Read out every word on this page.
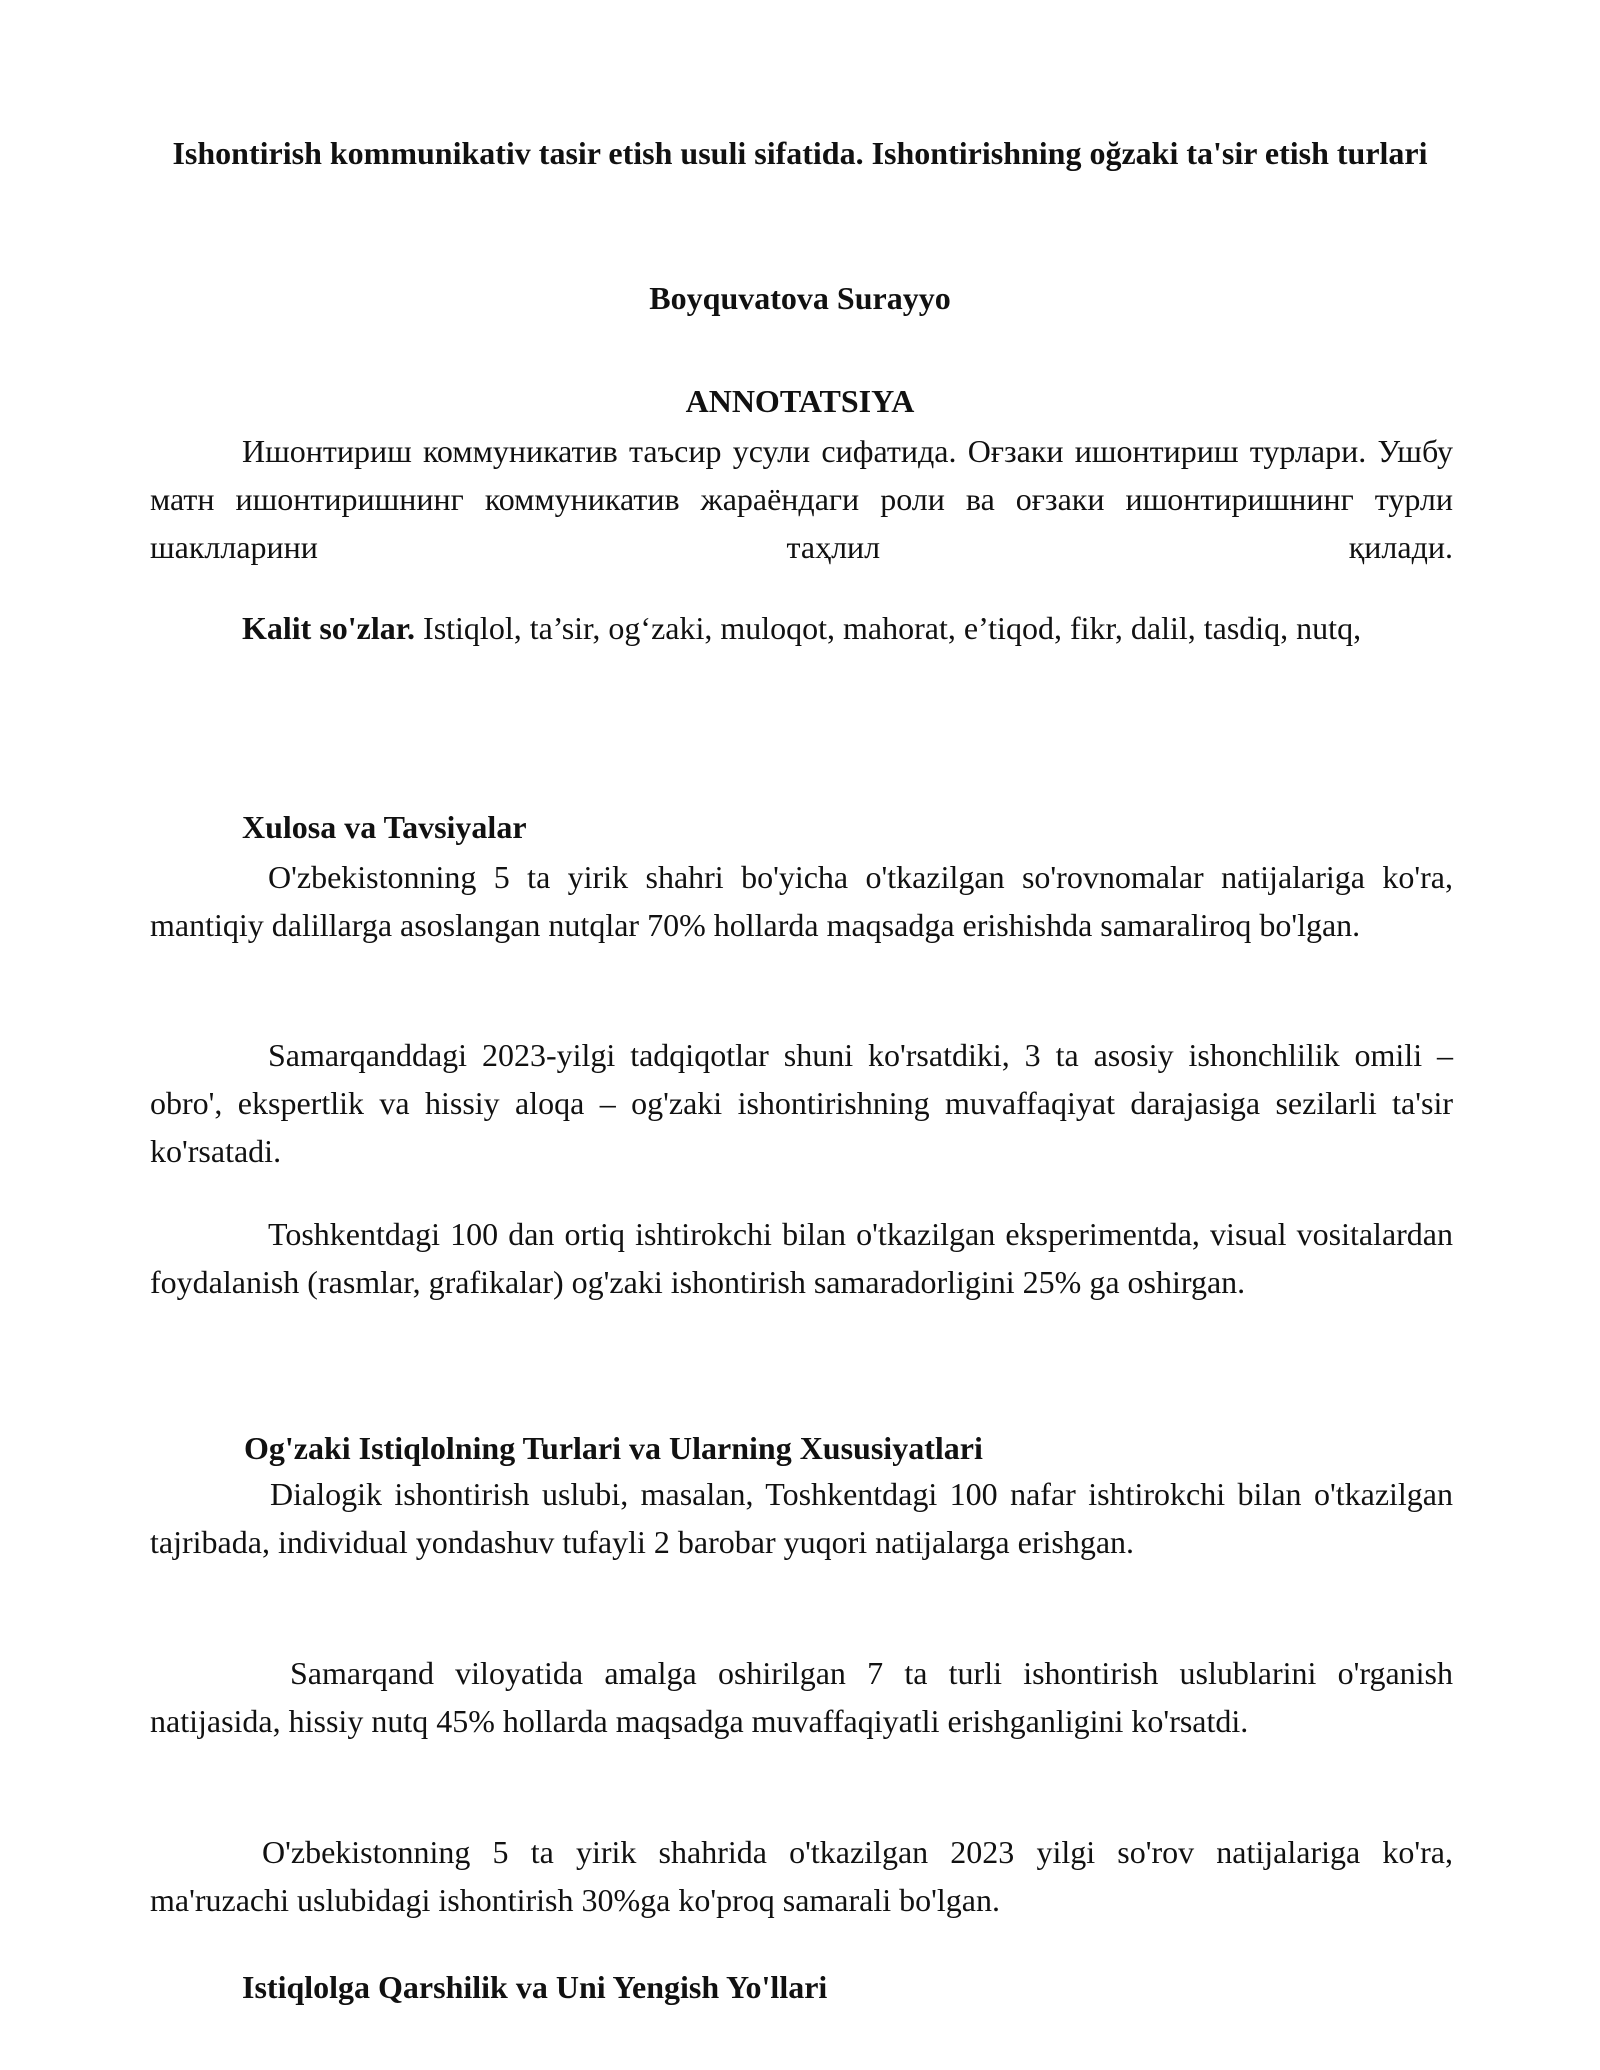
Ishontirish kommunikativ tasir etish usuli sifatida. Ishontirishning oğzaki ta'sir etish turlari
Boyquvatova Surayyo
ANNOTATSIYA

Ишонтириш коммуникатив таъсир усули сифатида. Оғзаки ишонтириш турлари. Ушбу матн ишонтиришнинг коммуникатив жараёндаги роли ва оғзаки ишонтиришнинг турли шаклларини таҳлил қилади.

Kalit so'zlar. Istiqlol, ta’sir, og‘zaki, muloqot, mahorat, e’tiqod, fikr, dalil, tasdiq, nutq,

Xulosa va Tavsiyalar

O'zbekistonning 5 ta yirik shahri bo'yicha o'tkazilgan so'rovnomalar natijalariga ko'ra, mantiqiy dalillarga asoslangan nutqlar 70% hollarda maqsadga erishishda samaraliroq bo'lgan.

Samarqanddagi 2023-yilgi tadqiqotlar shuni ko'rsatdiki, 3 ta asosiy ishonchlilik omili – obro', ekspertlik va hissiy aloqa – og'zaki ishontirishning muvaffaqiyat darajasiga sezilarli ta'sir ko'rsatadi.

Toshkentdagi 100 dan ortiq ishtirokchi bilan o'tkazilgan eksperimentda, visual vositalardan foydalanish (rasmlar, grafikalar) og'zaki ishontirish samaradorligini 25% ga oshirgan.

Og'zaki Istiqlolning Turlari va Ularning Xususiyatlari

Dialogik ishontirish uslubi, masalan, Toshkentdagi 100 nafar ishtirokchi bilan o'tkazilgan tajribada, individual yondashuv tufayli 2 barobar yuqori natijalarga erishgan.

Samarqand viloyatida amalga oshirilgan 7 ta turli ishontirish uslublarini o'rganish natijasida, hissiy nutq 45% hollarda maqsadga muvaffaqiyatli erishganligini ko'rsatdi.

O'zbekistonning 5 ta yirik shahrida o'tkazilgan 2023 yilgi so'rov natijalariga ko'ra, ma'ruzachi uslubidagi ishontirish 30%ga ko'proq samarali bo'lgan.

Istiqlolga Qarshilik va Uni Yengish Yo'llari
